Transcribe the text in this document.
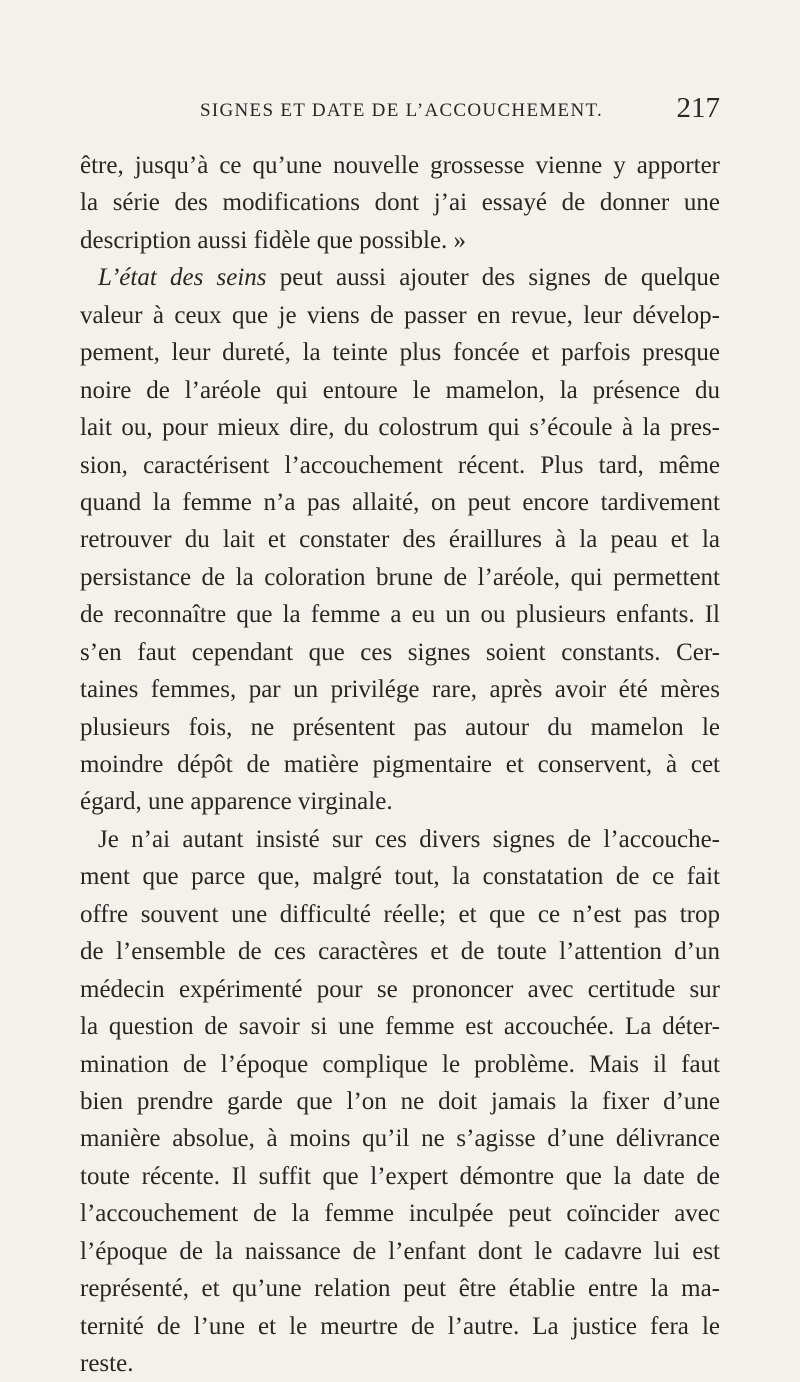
SIGNES ET DATE DE L’ACCOUCHEMENT.	217
être, jusqu’à ce qu’une nouvelle grossesse vienne y apporter
la série des modifications dont j’ai essayé de donner une
description aussi fidèle que possible. »
L’état des seins peut aussi ajouter des signes de quelque
valeur à ceux que je viens de passer en revue, leur dévelop-
pement, leur dureté, la teinte plus foncée et parfois presque
noire de l’aréole qui entoure le mamelon, la présence du
lait ou, pour mieux dire, du colostrum qui s’écoule à la pres-
sion, caractérisent l’accouchement récent. Plus tard, même
quand la femme n’a pas allaité, on peut encore tardivement
retrouver du lait et constater des éraillures à la peau et la
persistance de la coloration brune de l’aréole, qui permettent
de reconnaître que la femme a eu un ou plusieurs enfants. Il
s’en faut cependant que ces signes soient constants. Cer-
taines femmes, par un privilége rare, après avoir été mères
plusieurs fois, ne présentent pas autour du mamelon le
moindre dépôt de matière pigmentaire et conservent, à cet
égard, une apparence virginale.
Je n’ai autant insisté sur ces divers signes de l’accouche-
ment que parce que, malgré tout, la constatation de ce fait
offre souvent une difficulté réelle; et que ce n’est pas trop
de l’ensemble de ces caractères et de toute l’attention d’un
médecin expérimenté pour se prononcer avec certitude sur
la question de savoir si une femme est accouchée. La déter-
mination de l’époque complique le problème. Mais il faut
bien prendre garde que l’on ne doit jamais la fixer d’une
manière absolue, à moins qu’il ne s’agisse d’une délivrance
toute récente. Il suffit que l’expert démontre que la date de
l’accouchement de la femme inculpée peut coïncider avec
l’époque de la naissance de l’enfant dont le cadavre lui est
représenté, et qu’une relation peut être établie entre la ma-
ternité de l’une et le meurtre de l’autre. La justice fera le
reste.
